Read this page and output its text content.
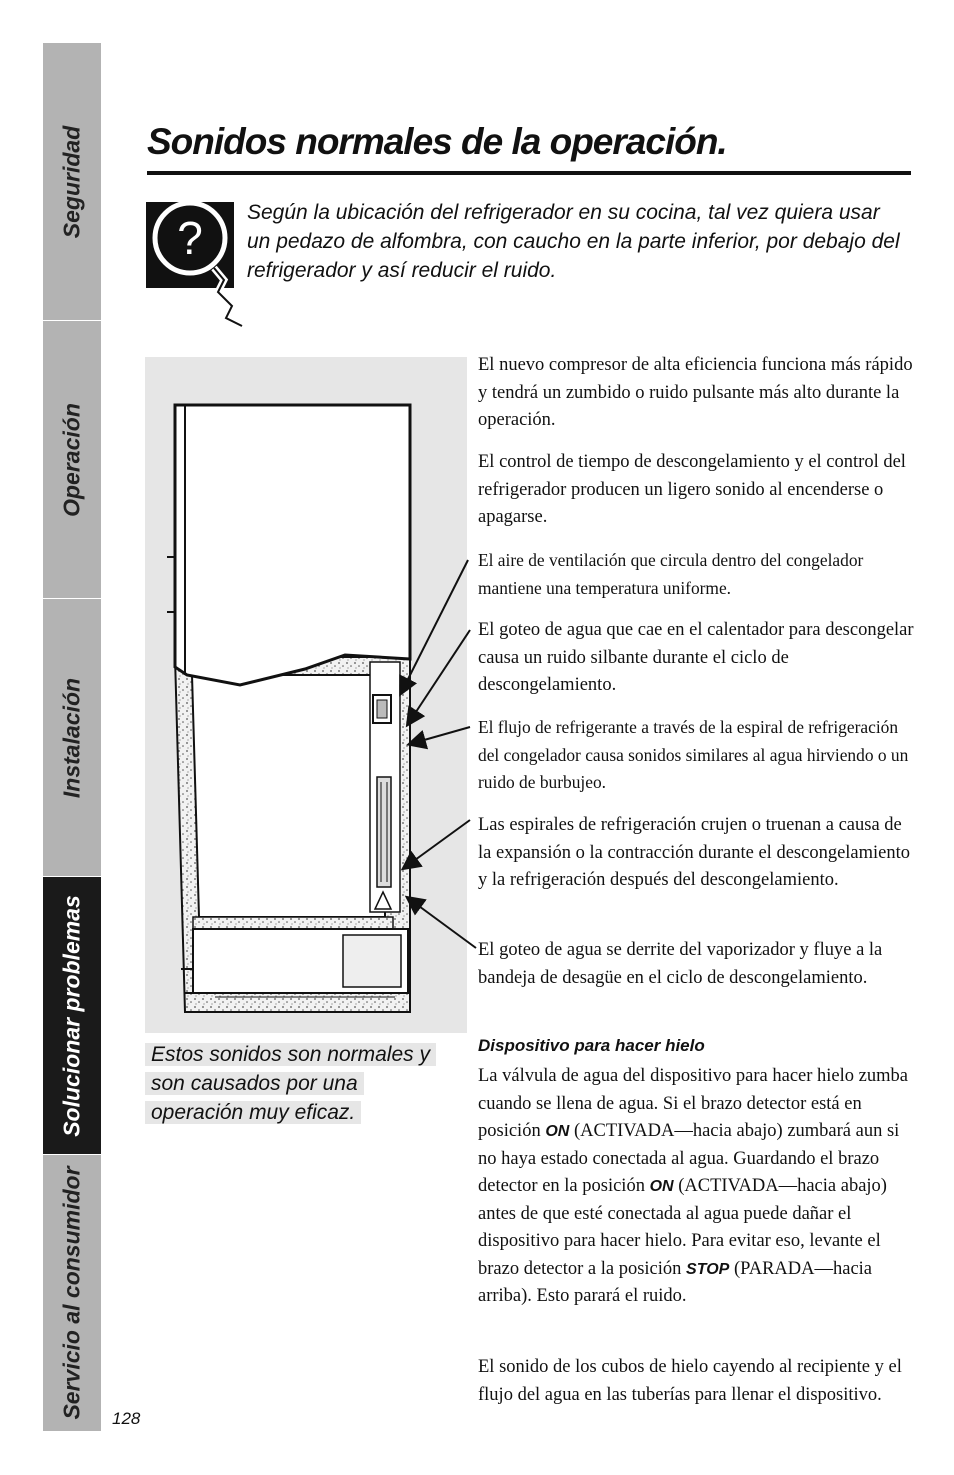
Seguridad
Operación
Instalación
Solucionar problemas
Servicio al consumidor
Sonidos normales de la operación.
? Según la ubicación del refrigerador en su cocina, tal vez quiera usar un pedazo de alfombra, con caucho en la parte inferior, por debajo del refrigerador y así reducir el ruido.
Estos sonidos son normales y son causados por una operación muy eficaz.

El nuevo compresor de alta eficiencia funciona más rápido y tendrá un zumbido o ruido pulsante más alto durante la operación.

El control de tiempo de descongelamiento y el control del refrigerador producen un ligero sonido al encenderse o apagarse.

El aire de ventilación que circula dentro del congelador mantiene una temperatura uniforme.

El goteo de agua que cae en el calentador para descongelar causa un ruido silbante durante el ciclo de descongelamiento.

El flujo de refrigerante a través de la espiral de refrigeración del congelador causa sonidos similares al agua hirviendo o un ruido de burbujeo.

Las espirales de refrigeración crujen o truenan a causa de la expansión o la contracción durante el descongelamiento y la refrigeración después del descongelamiento.

El goteo de agua se derrite del vaporizador y fluye a la bandeja de desagüe en el ciclo de descongelamiento.

Dispositivo para hacer hielo

La válvula de agua del dispositivo para hacer hielo zumba cuando se llena de agua. Si el brazo detector está en posición ON (ACTIVADA—hacia abajo) zumbará aun si no haya estado conectada al agua. Guardando el brazo detector en la posición ON (ACTIVADA—hacia abajo) antes de que esté conectada al agua puede dañar el dispositivo para hacer hielo. Para evitar eso, levante el brazo detector a la posición STOP (PARADA—hacia arriba). Esto parará el ruido.

El sonido de los cubos de hielo cayendo al recipiente y el flujo del agua en las tuberías para llenar el dispositivo.

128
